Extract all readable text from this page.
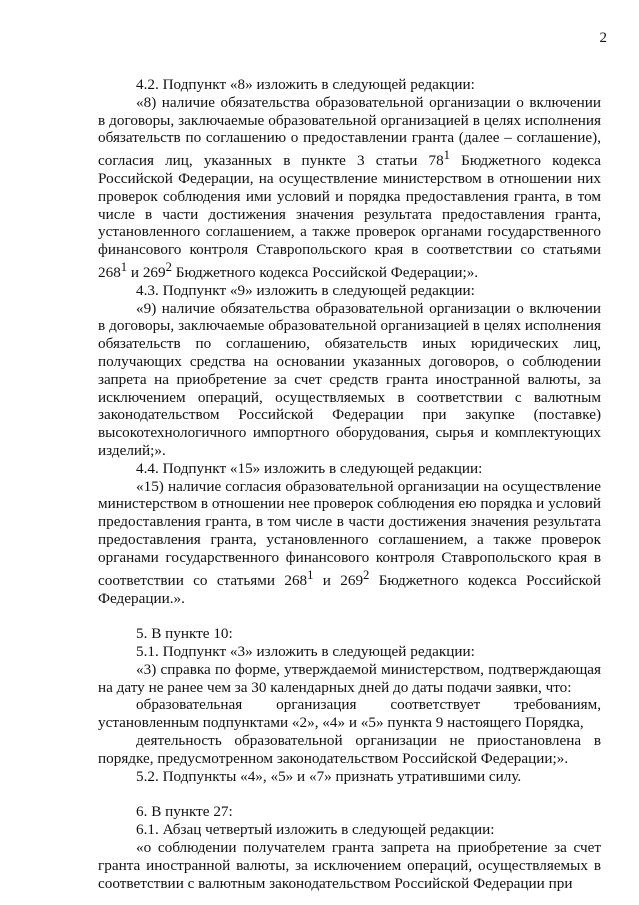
2

4.2. Подпункт «8» изложить в следующей редакции:

«8) наличие обязательства образовательной организации о включении в договоры, заключаемые образовательной организацией в целях исполнения обязательств по соглашению о предоставлении гранта (далее – соглашение), согласия лиц, указанных в пункте 3 статьи $78^1$ Бюджетного кодекса Российской Федерации, на осуществление министерством в отношении них проверок соблюдения ими условий и порядка предоставления гранта, в том числе в части достижения значения результата предоставления гранта, установленного соглашением, а также проверок органами государственного финансового контроля Ставропольского края в соответствии со статьями $268^1$ и $269^2$ Бюджетного кодекса Российской Федерации;».

4.3. Подпункт «9» изложить в следующей редакции:

«9) наличие обязательства образовательной организации о включении в договоры, заключаемые образовательной организацией в целях исполнения обязательств по соглашению, обязательств иных юридических лиц, получающих средства на основании указанных договоров, о соблюдении запрета на приобретение за счет средств гранта иностранной валюты, за исключением операций, осуществляемых в соответствии с валютным законодательством Российской Федерации при закупке (поставке) высокотехнологичного импортного оборудования, сырья и комплектующих изделий;».

4.4. Подпункт «15» изложить в следующей редакции:

«15) наличие согласия образовательной организации на осуществление министерством в отношении нее проверок соблюдения ею порядка и условий предоставления гранта, в том числе в части достижения значения результата предоставления гранта, установленного соглашением, а также проверок органами государственного финансового контроля Ставропольского края в соответствии со статьями $268^1$ и $269^2$ Бюджетного кодекса Российской Федерации.».

5. В пункте 10:

5.1. Подпункт «3» изложить в следующей редакции:

«3) справка по форме, утверждаемой министерством, подтверждающая на дату не ранее чем за 30 календарных дней до даты подачи заявки, что:

образовательная организация соответствует требованиям, установленным подпунктами «2», «4» и «5» пункта 9 настоящего Порядка,

деятельность образовательной организации не приостановлена в порядке, предусмотренном законодательством Российской Федерации;».

5.2. Подпункты «4», «5» и «7» признать утратившими силу.

6. В пункте 27:

6.1. Абзац четвертый изложить в следующей редакции:

«о соблюдении получателем гранта запрета на приобретение за счет гранта иностранной валюты, за исключением операций, осуществляемых в соответствии с валютным законодательством Российской Федерации при
